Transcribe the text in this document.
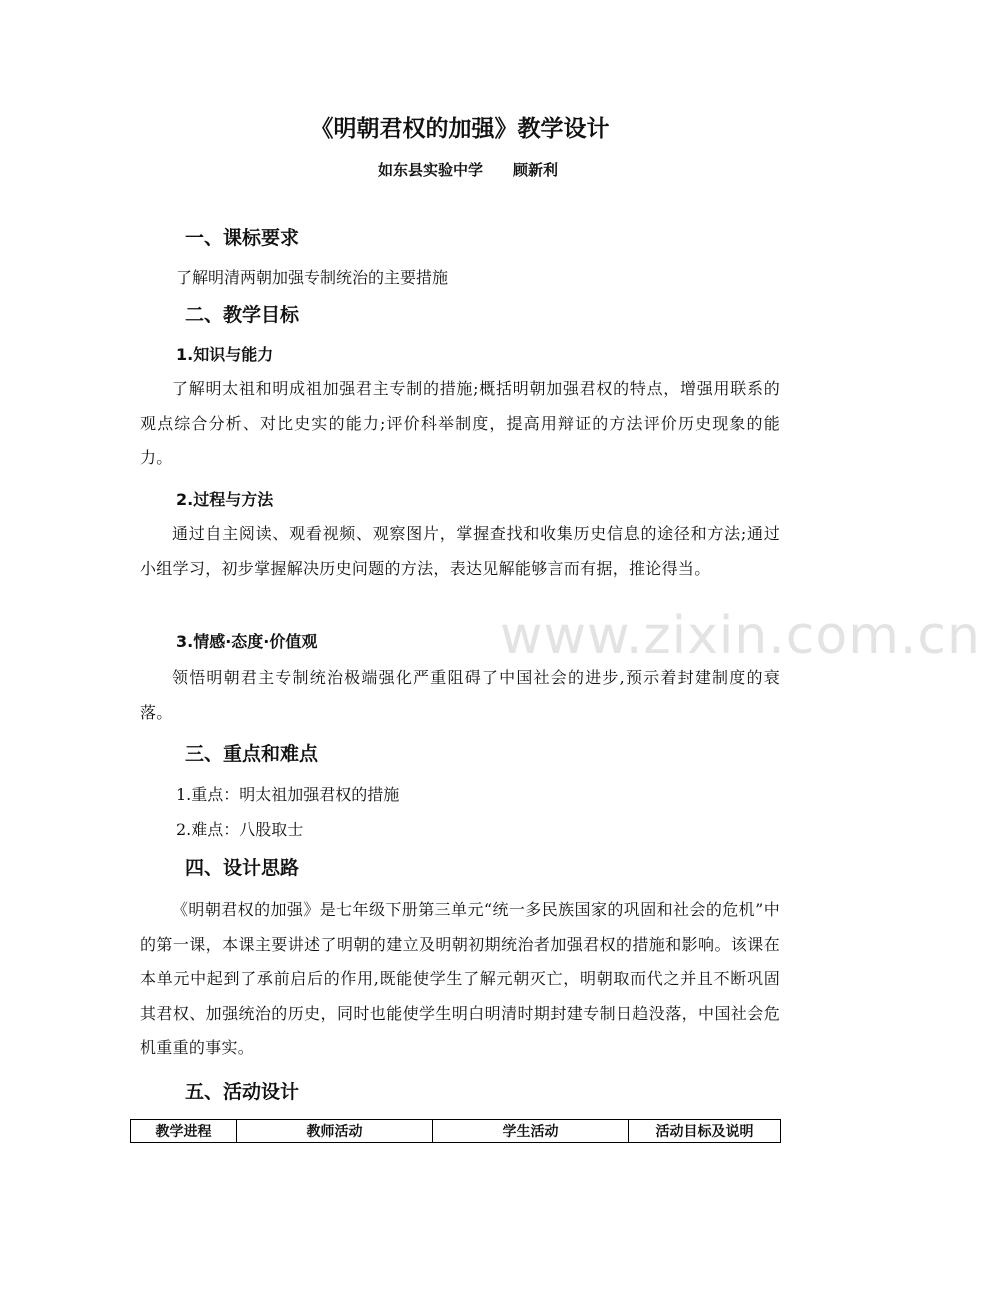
www.zixin.com.cn
《明朝君权的加强》教学设计
如东县实验中学 顾新利
一、课标要求

了解明清两朝加强专制统治的主要措施

二、教学目标
1.知识与能力

了解明太祖和明成祖加强君主专制的措施;概括明朝加强君权的特点，增强用联系的观点综合分析、对比史实的能力;评价科举制度，提高用辩证的方法评价历史现象的能力。

2.过程与方法

通过自主阅读、观看视频、观察图片，掌握查找和收集历史信息的途径和方法;通过小组学习，初步掌握解决历史问题的方法，表达见解能够言而有据，推论得当。

3.情感·态度·价值观

领悟明朝君主专制统治极端强化严重阻碍了中国社会的进步,预示着封建制度的衰落。

三、重点和难点

1.重点：明太祖加强君权的措施

2.难点：八股取士

四、设计思路

《明朝君权的加强》是七年级下册第三单元“统一多民族国家的巩固和社会的危机”中的第一课，本课主要讲述了明朝的建立及明朝初期统治者加强君权的措施和影响。该课在本单元中起到了承前启后的作用,既能使学生了解元朝灭亡，明朝取而代之并且不断巩固其君权、加强统治的历史，同时也能使学生明白明清时期封建专制日趋没落，中国社会危机重重的事实。

五、活动设计
教学进程	教师活动	学生活动	活动目标及说明
